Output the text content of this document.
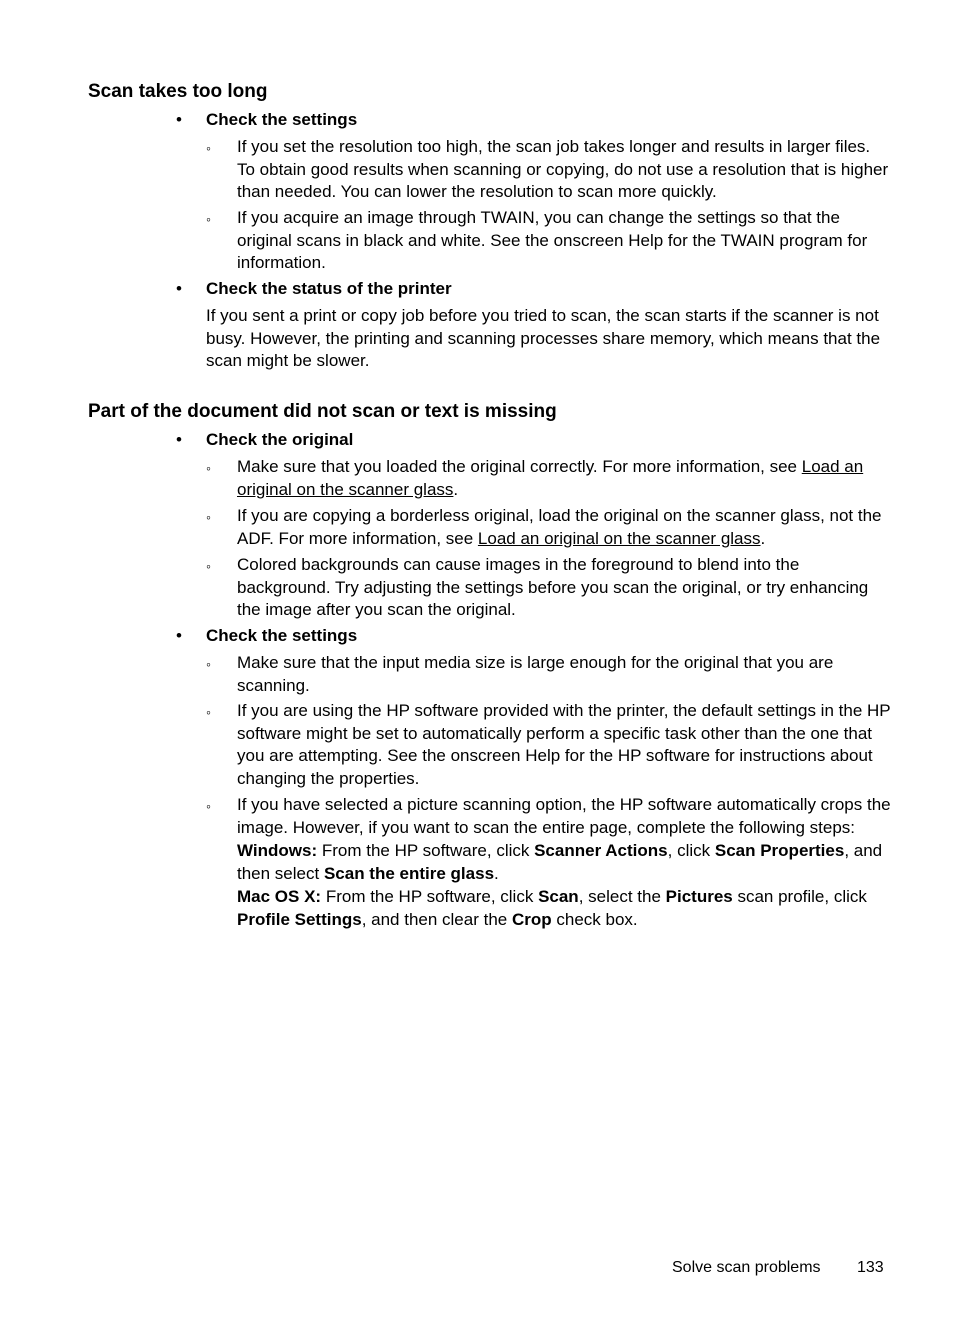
Scan takes too long
• Check the settings
◦ If you set the resolution too high, the scan job takes longer and results in larger files. To obtain good results when scanning or copying, do not use a resolution that is higher than needed. You can lower the resolution to scan more quickly.
◦ If you acquire an image through TWAIN, you can change the settings so that the original scans in black and white. See the onscreen Help for the TWAIN program for information.
• Check the status of the printer
If you sent a print or copy job before you tried to scan, the scan starts if the scanner is not busy. However, the printing and scanning processes share memory, which means that the scan might be slower.
Part of the document did not scan or text is missing
• Check the original
◦ Make sure that you loaded the original correctly. For more information, see Load an original on the scanner glass.
◦ If you are copying a borderless original, load the original on the scanner glass, not the ADF. For more information, see Load an original on the scanner glass.
◦ Colored backgrounds can cause images in the foreground to blend into the background. Try adjusting the settings before you scan the original, or try enhancing the image after you scan the original.
• Check the settings
◦ Make sure that the input media size is large enough for the original that you are scanning.
◦ If you are using the HP software provided with the printer, the default settings in the HP software might be set to automatically perform a specific task other than the one that you are attempting. See the onscreen Help for the HP software for instructions about changing the properties.
◦ If you have selected a picture scanning option, the HP software automatically crops the image. However, if you want to scan the entire page, complete the following steps:

Windows: From the HP software, click Scanner Actions, click Scan Properties, and then select Scan the entire glass.

Mac OS X: From the HP software, click Scan, select the Pictures scan profile, click Profile Settings, and then clear the Crop check box.

Solve scan problems 133
